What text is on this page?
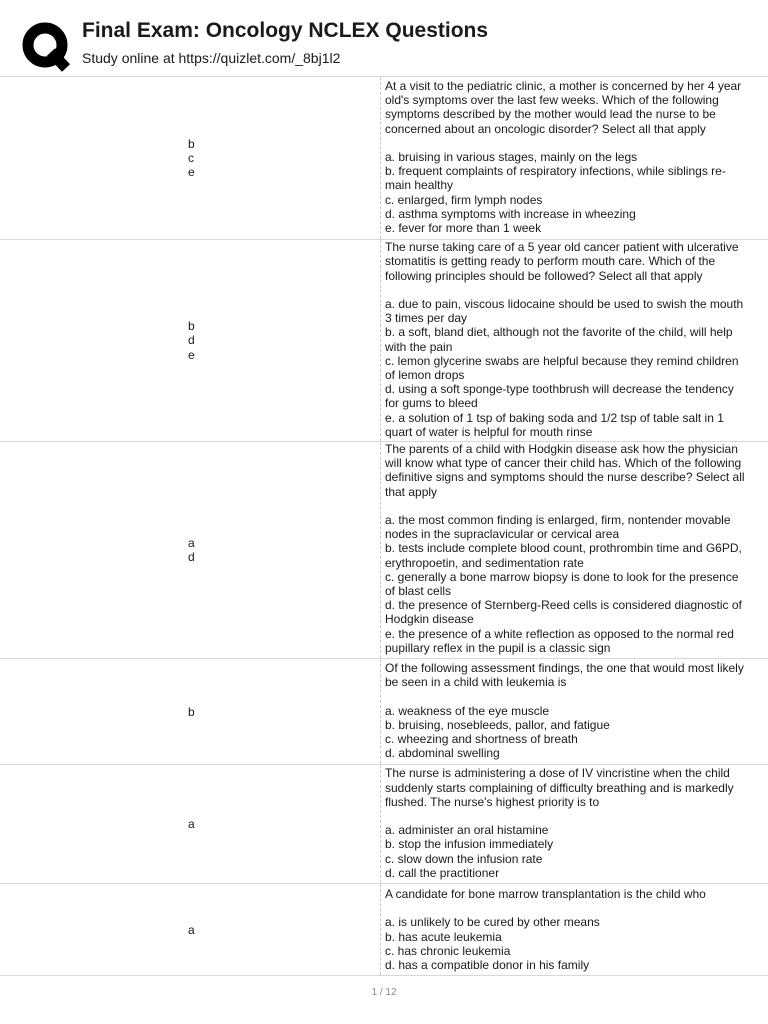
Final Exam: Oncology NCLEX Questions
Study online at https://quizlet.com/_8bj1l2
b
c
e
At a visit to the pediatric clinic, a mother is concerned by her 4 year old's symptoms over the last few weeks. Which of the following symptoms described by the mother would lead the nurse to be concerned about an oncologic disorder? Select all that apply
a. bruising in various stages, mainly on the legs
b. frequent complaints of respiratory infections, while siblings re-main healthy
c. enlarged, firm lymph nodes
d. asthma symptoms with increase in wheezing
e. fever for more than 1 week
b
d
e
The nurse taking care of a 5 year old cancer patient with ulcerative stomatitis is getting ready to perform mouth care. Which of the following principles should be followed? Select all that apply
a. due to pain, viscous lidocaine should be used to swish the mouth 3 times per day
b. a soft, bland diet, although not the favorite of the child, will help with the pain
c. lemon glycerine swabs are helpful because they remind children of lemon drops
d. using a soft sponge-type toothbrush will decrease the tendency for gums to bleed
e. a solution of 1 tsp of baking soda and 1/2 tsp of table salt in 1 quart of water is helpful for mouth rinse
a
d
The parents of a child with Hodgkin disease ask how the physician will know what type of cancer their child has. Which of the following definitive signs and symptoms should the nurse describe? Select all that apply
a. the most common finding is enlarged, firm, nontender movable nodes in the supraclavicular or cervical area
b. tests include complete blood count, prothrombin time and G6PD, erythropoetin, and sedimentation rate
c. generally a bone marrow biopsy is done to look for the presence of blast cells
d. the presence of Sternberg-Reed cells is considered diagnostic of Hodgkin disease
e. the presence of a white reflection as opposed to the normal red pupillary reflex in the pupil is a classic sign
b
Of the following assessment findings, the one that would most likely be seen in a child with leukemia is
a. weakness of the eye muscle
b. bruising, nosebleeds, pallor, and fatigue
c. wheezing and shortness of breath
d. abdominal swelling
a
The nurse is administering a dose of IV vincristine when the child suddenly starts complaining of difficulty breathing and is markedly flushed. The nurse's highest priority is to
a. administer an oral histamine
b. stop the infusion immediately
c. slow down the infusion rate
d. call the practitioner
a
A candidate for bone marrow transplantation is the child who
a. is unlikely to be cured by other means
b. has acute leukemia
c. has chronic leukemia
d. has a compatible donor in his family
1 / 12
